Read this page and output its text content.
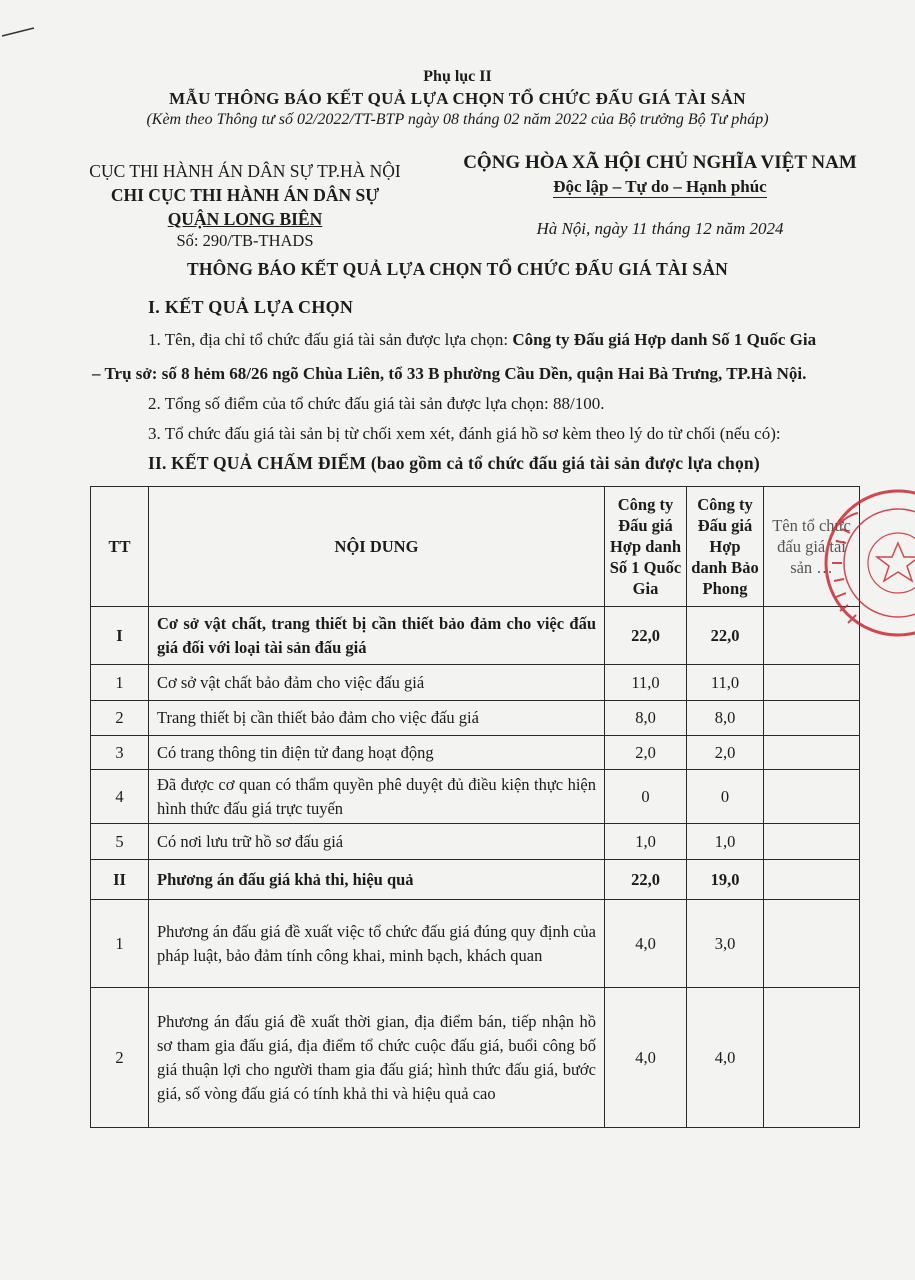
Phụ lục II
MẪU THÔNG BÁO KẾT QUẢ LỰA CHỌN TỔ CHỨC ĐẤU GIÁ TÀI SẢN
(Kèm theo Thông tư số 02/2022/TT-BTP ngày 08 tháng 02 năm 2022 của Bộ trưởng Bộ Tư pháp)
CỤC THI HÀNH ÁN DÂN SỰ TP.HÀ NỘI
CHI CỤC THI HÀNH ÁN DÂN SỰ
QUẬN LONG BIÊN
Số: 290/TB-THADS
CỘNG HÒA XÃ HỘI CHỦ NGHĨA VIỆT NAM
Độc lập – Tự do – Hạnh phúc
Hà Nội, ngày 11 tháng 12 năm 2024
THÔNG BÁO KẾT QUẢ LỰA CHỌN TỔ CHỨC ĐẤU GIÁ TÀI SẢN
I. KẾT QUẢ LỰA CHỌN
1. Tên, địa chỉ tổ chức đấu giá tài sản được lựa chọn: Công ty Đấu giá Hợp danh Số 1 Quốc Gia
– Trụ sở: số 8 hẻm 68/26 ngõ Chùa Liên, tổ 33 B phường Cầu Dền, quận Hai Bà Trưng, TP.Hà Nội.
2. Tổng số điểm của tổ chức đấu giá tài sản được lựa chọn: 88/100.
3. Tổ chức đấu giá tài sản bị từ chối xem xét, đánh giá hồ sơ kèm theo lý do từ chối (nếu có):
II. KẾT QUẢ CHẤM ĐIỂM (bao gồm cả tổ chức đấu giá tài sản được lựa chọn)
TT	NỘI DUNG	Công ty Đấu giá Hợp danh Số 1 Quốc Gia	Công ty Đấu giá Hợp danh Bảo Phong	Tên tổ chức đấu giá tài sản …
I	Cơ sở vật chất, trang thiết bị cần thiết bảo đảm cho việc đấu giá đối với loại tài sản đấu giá	22,0	22,0	
1	Cơ sở vật chất bảo đảm cho việc đấu giá	11,0	11,0	
2	Trang thiết bị cần thiết bảo đảm cho việc đấu giá	8,0	8,0	
3	Có trang thông tin điện tử đang hoạt động	2,0	2,0	
4	Đã được cơ quan có thẩm quyền phê duyệt đủ điều kiện thực hiện hình thức đấu giá trực tuyến	0	0	
5	Có nơi lưu trữ hồ sơ đấu giá	1,0	1,0	
II	Phương án đấu giá khả thi, hiệu quả	22,0	19,0	
1	Phương án đấu giá đề xuất việc tổ chức đấu giá đúng quy định của pháp luật, bảo đảm tính công khai, minh bạch, khách quan	4,0	3,0	
2	Phương án đấu giá đề xuất thời gian, địa điểm bán, tiếp nhận hồ sơ tham gia đấu giá, địa điểm tổ chức cuộc đấu giá, buổi công bố giá thuận lợi cho người tham gia đấu giá; hình thức đấu giá, bước giá, số vòng đấu giá có tính khả thi và hiệu quả cao	4,0	4,0	
